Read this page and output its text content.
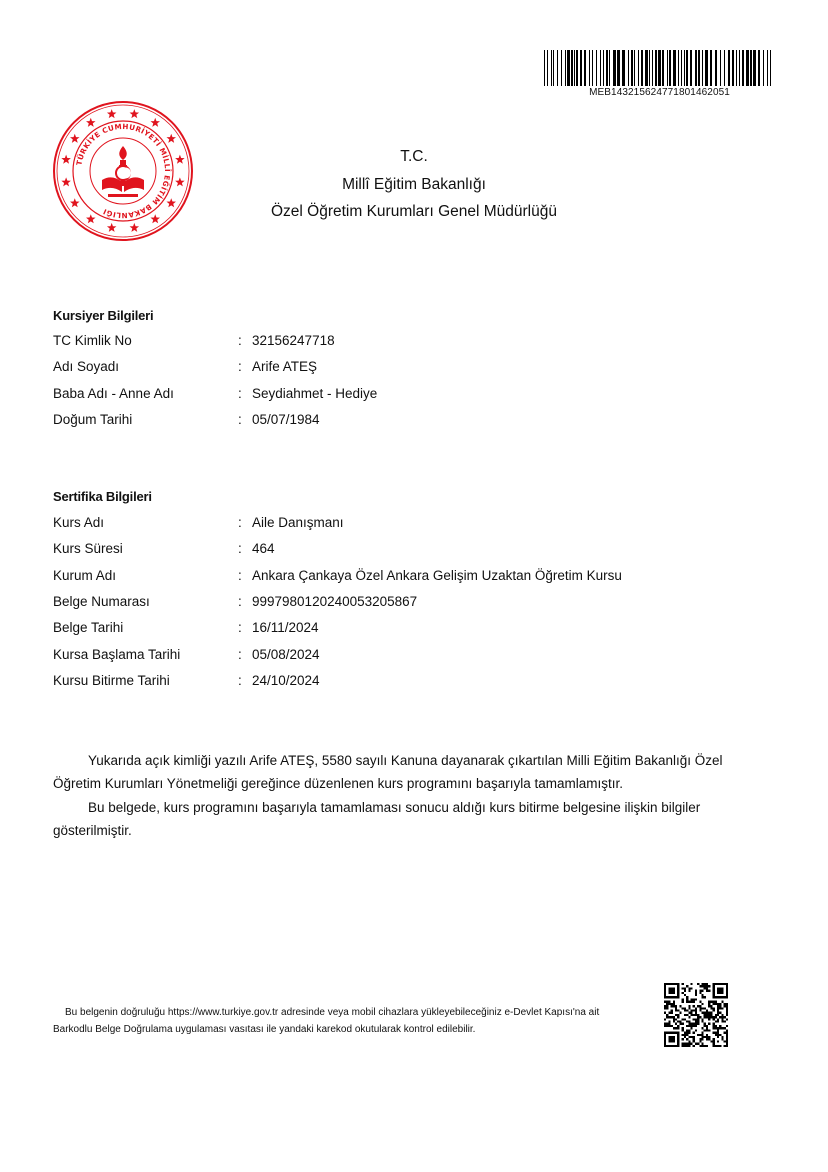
MEB143215624771801462051
TÜRKİYE CUMHURİYETİ MİLLÎ EĞİTİM BAKANLIĞI
T.C.
Millî Eğitim Bakanlığı
Özel Öğretim Kurumları Genel Müdürlüğü
Kursiyer Bilgileri
TC Kimlik No	: 32156247718
Adı Soyadı	: Arife ATEŞ
Baba Adı - Anne Adı	: Seydiahmet - Hediye
Doğum Tarihi	: 05/07/1984
Sertifika Bilgileri
Kurs Adı	: Aile Danışmanı
Kurs Süresi	: 464
Kurum Adı	: Ankara Çankaya Özel Ankara Gelişim Uzaktan Öğretim Kursu
Belge Numarası	: 9997980120240053205867
Belge Tarihi	: 16/11/2024
Kursa Başlama Tarihi	: 05/08/2024
Kursu Bitirme Tarihi	: 24/10/2024
Yukarıda açık kimliği yazılı Arife ATEŞ, 5580 sayılı Kanuna dayanarak çıkartılan Milli Eğitim Bakanlığı Özel Öğretim Kurumları Yönetmeliği gereğince düzenlenen kurs programını başarıyla tamamlamıştır.
Bu belgede, kurs programını başarıyla tamamlaması sonucu aldığı kurs bitirme belgesine ilişkin bilgiler gösterilmiştir.
Bu belgenin doğruluğu https://www.turkiye.gov.tr adresinde veya mobil cihazlara yükleyebileceğiniz e-Devlet Kapısı'na ait Barkodlu Belge Doğrulama uygulaması vasıtası ile yandaki karekod okutularak kontrol edilebilir.
